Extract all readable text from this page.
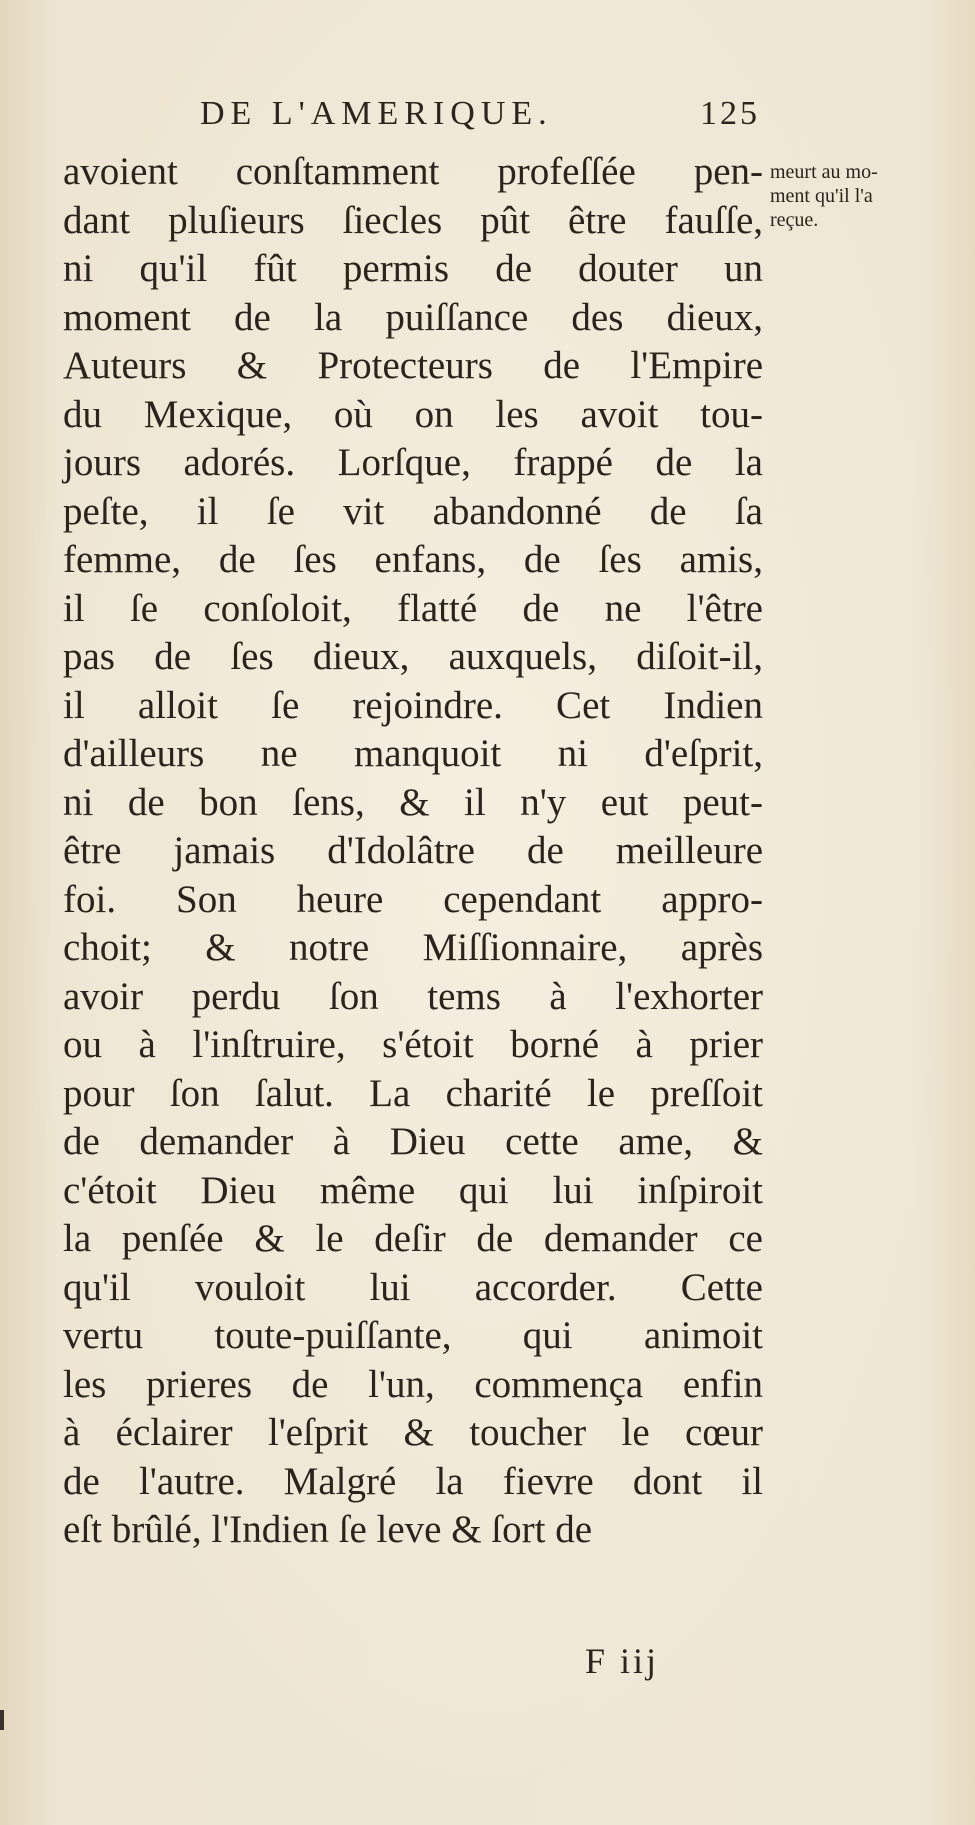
DE L'AMERIQUE.	125
avoient conſtamment profeſſée pen-
dant pluſieurs ſiecles pût être fauſſe,
ni qu'il fût permis de douter un
moment de la puiſſance des dieux,
Auteurs & Protecteurs de l'Empire
du Mexique, où on les avoit tou-
jours adorés. Lorſque, frappé de la
peſte, il ſe vit abandonné de ſa
femme, de ſes enfans, de ſes amis,
il ſe conſoloit, flatté de ne l'être
pas de ſes dieux, auxquels, diſoit-il,
il alloit ſe rejoindre. Cet Indien
d'ailleurs ne manquoit ni d'eſprit,
ni de bon ſens, & il n'y eut peut-
être jamais d'Idolâtre de meilleure
foi. Son heure cependant appro-
choit; & notre Miſſionnaire, après
avoir perdu ſon tems à l'exhorter
ou à l'inſtruire, s'étoit borné à prier
pour ſon ſalut. La charité le preſſoit
de demander à Dieu cette ame, &
c'étoit Dieu même qui lui inſpiroit
la penſée & le deſir de demander ce
qu'il vouloit lui accorder. Cette
vertu toute-puiſſante, qui animoit
les prieres de l'un, commença enfin
à éclairer l'eſprit & toucher le cœur
de l'autre. Malgré la fievre dont il
eſt brûlé, l'Indien ſe leve & ſort de
meurt au mo-
ment qu'il l'a
reçue.
F iij
